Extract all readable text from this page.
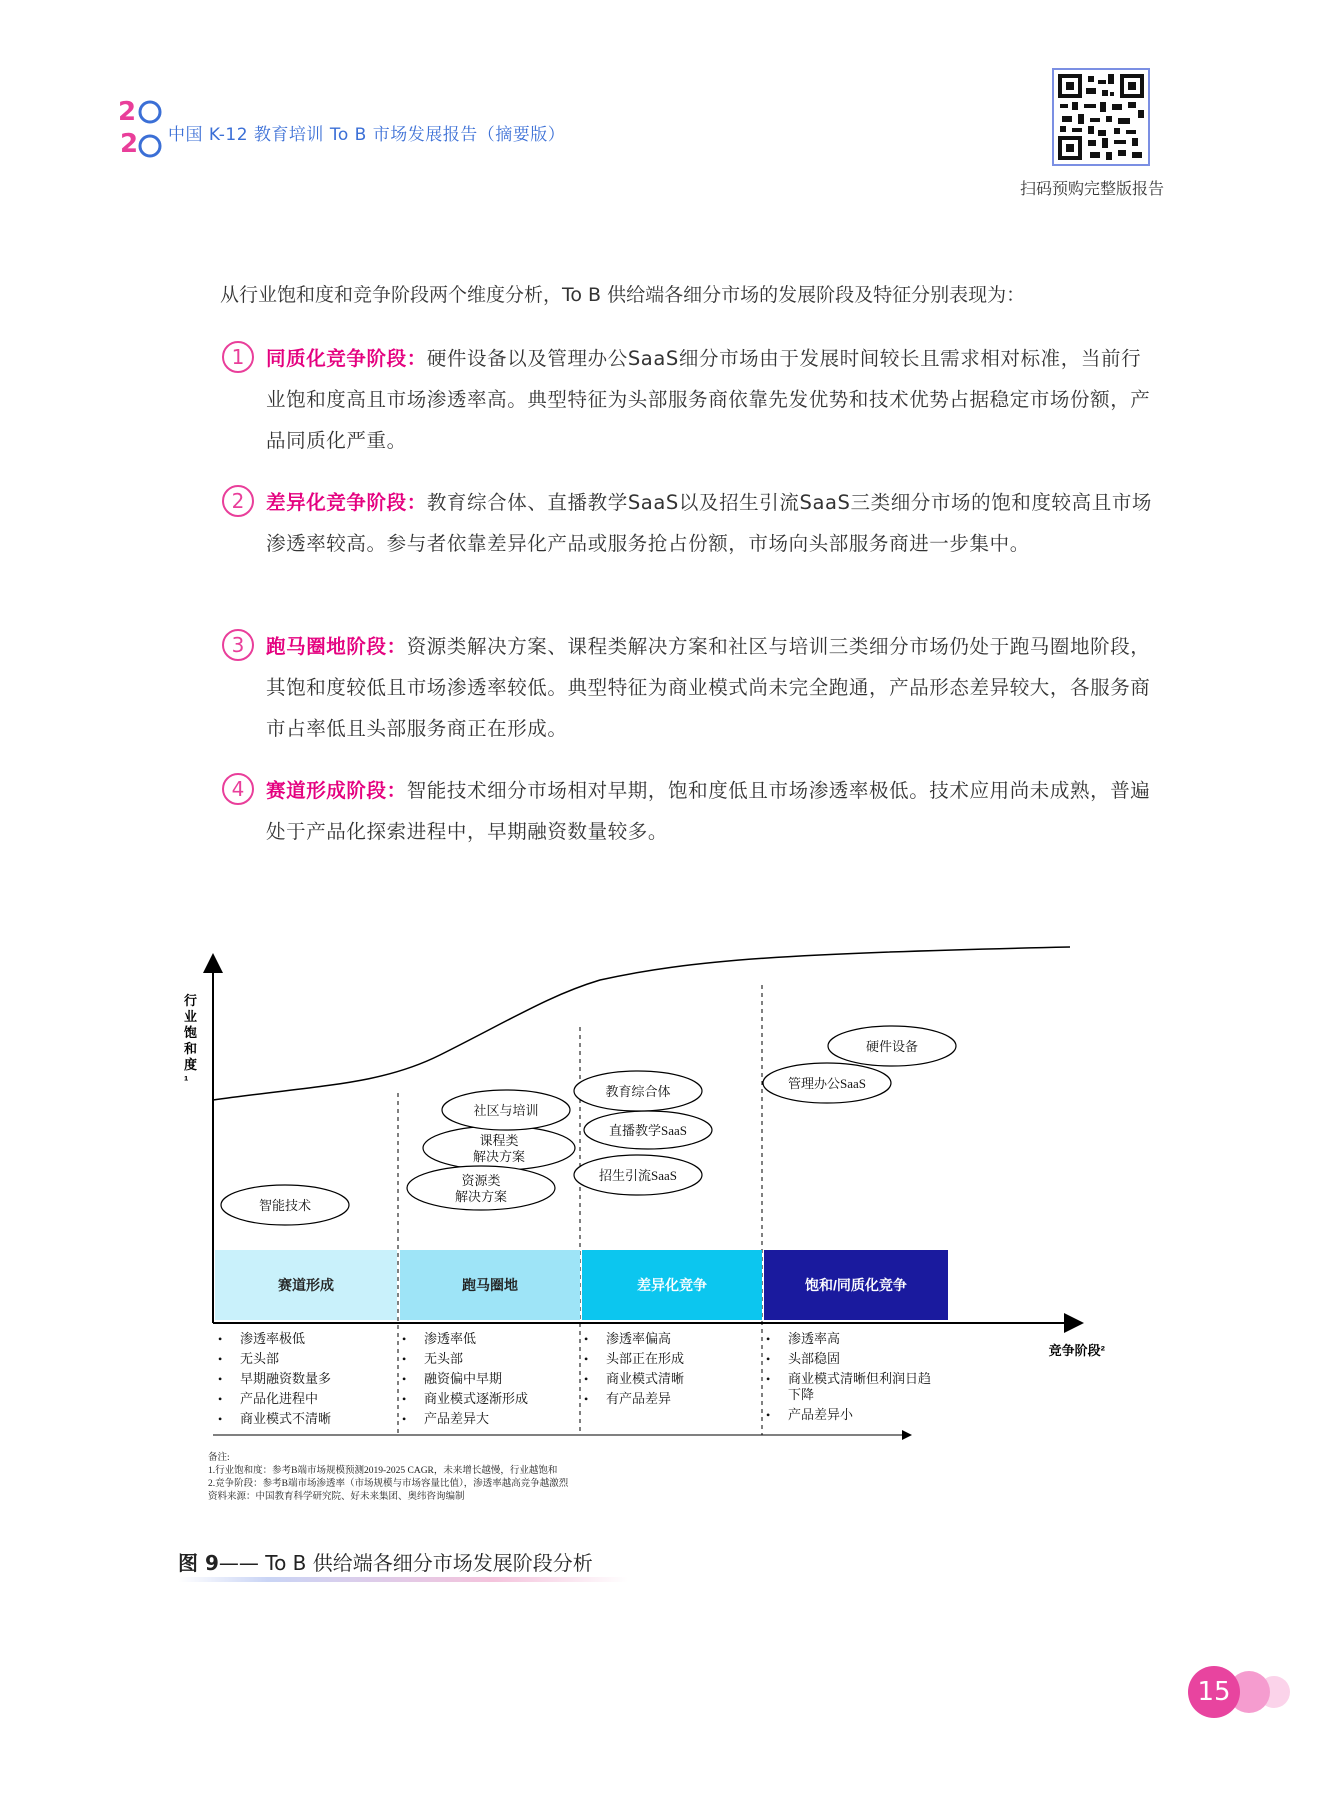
2
2 中国 K-12 教育培训 To B 市场发展报告（摘要版）
扫码预购完整版报告
从行业饱和度和竞争阶段两个维度分析，To B 供给端各细分市场的发展阶段及特征分别表现为：
1	同质化竞争阶段：硬件设备以及管理办公SaaS细分市场由于发展时间较长且需求相对标准，当前行业饱和度高且市场渗透率高。典型特征为头部服务商依靠先发优势和技术优势占据稳定市场份额，产品同质化严重。
2	差异化竞争阶段：教育综合体、直播教学SaaS以及招生引流SaaS三类细分市场的饱和度较高且市场渗透率较高。参与者依靠差异化产品或服务抢占份额，市场向头部服务商进一步集中。
3	跑马圈地阶段：资源类解决方案、课程类解决方案和社区与培训三类细分市场仍处于跑马圈地阶段，其饱和度较低且市场渗透率较低。典型特征为商业模式尚未完全跑通，产品形态差异较大，各服务商市占率低且头部服务商正在形成。
4	赛道形成阶段：智能技术细分市场相对早期，饱和度低且市场渗透率极低。技术应用尚未成熟，普遍处于产品化探索进程中，早期融资数量较多。
行业饱和度 ¹
竞争阶段²
赛道形成	跑马圈地	差异化竞争	饱和/同质化竞争
智能技术
课程类解决方案
资源类解决方案
社区与培训
教育综合体
直播教学SaaS
招生引流SaaS
管理办公SaaS
硬件设备
• 渗透率极低
• 无头部
• 早期融资数量多
• 产品化进程中
• 商业模式不清晰
• 渗透率低
• 无头部
• 融资偏中早期
• 商业模式逐渐形成
• 产品差异大
• 渗透率偏高
• 头部正在形成
• 商业模式清晰
• 有产品差异
• 渗透率高
• 头部稳固
• 商业模式清晰但利润日趋
下降
• 产品差异小
备注:
1.行业饱和度：参考B端市场规模预测2019-2025 CAGR，未来增长越慢，行业越饱和
2.竞争阶段：参考B端市场渗透率（市场规模与市场容量比值），渗透率越高竞争越激烈
资料来源：中国教育科学研究院、好未来集团、奥纬咨询编制
图 9—— To B 供给端各细分市场发展阶段分析
15
